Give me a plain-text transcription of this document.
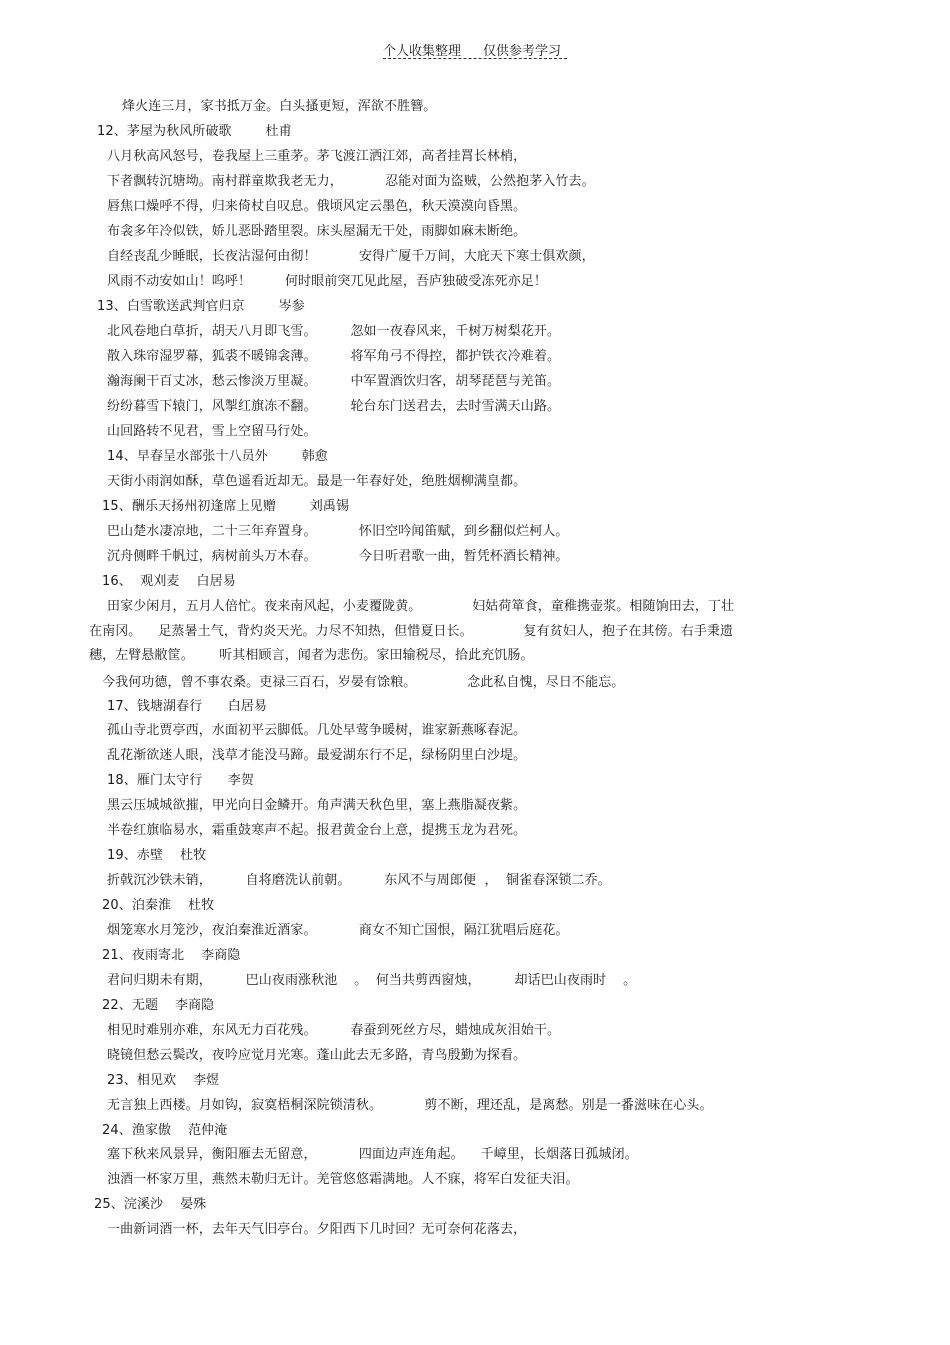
个人收集整理 仅供参考学习
烽火连三月，家书抵万金。白头搔更短，浑欲不胜簪。
12、茅屋为秋风所破歌        杜甫
八月秋高风怒号，卷我屋上三重茅。茅飞渡江洒江郊，高者挂罥长林梢，
下者飘转沉塘坳。南村群童欺我老无力，          忍能对面为盗贼，公然抱茅入竹去。
唇焦口燥呼不得，归来倚杖自叹息。俄顷风定云墨色，秋天漠漠向昏黑。
布衾多年冷似铁，娇儿恶卧踏里裂。床头屋漏无干处，雨脚如麻未断绝。
自经丧乱少睡眠，长夜沾湿何由彻！          安得广厦千万间，大庇天下寒士俱欢颜，
风雨不动安如山！呜呼！        何时眼前突兀见此屋，吾庐独破受冻死亦足！
13、白雪歌送武判官归京        岑参
北风卷地白草折，胡天八月即飞雪。        忽如一夜春风来，千树万树梨花开。
散入珠帘湿罗幕，狐裘不暖锦衾薄。        将军角弓不得控，都护铁衣冷难着。
瀚海阑干百丈冰，愁云惨淡万里凝。        中军置酒饮归客，胡琴琵琶与羌笛。
纷纷暮雪下辕门，风掣红旗冻不翻。        轮台东门送君去，去时雪满天山路。
山回路转不见君，雪上空留马行处。
14、早春呈水部张十八员外        韩愈
天街小雨润如酥，草色遥看近却无。最是一年春好处，绝胜烟柳满皇都。
15、酬乐天扬州初逢席上见赠        刘禹锡
巴山楚水凄凉地，二十三年弃置身。          怀旧空吟闻笛赋，到乡翻似烂柯人。
沉舟侧畔千帆过，病树前头万木春。          今日听君歌一曲，暂凭杯酒长精神。
16、  观刈麦    白居易
田家少闲月，五月人倍忙。夜来南风起，小麦覆陇黄。            妇姑荷箪食，童稚携壶浆。相随饷田去，丁壮
在南冈。    足蒸暑土气，背灼炎天光。力尽不知热，但惜夏日长。            复有贫妇人，抱子在其傍。右手秉遗
穗，左臂悬敝筐。      听其相顾言，闻者为悲伤。家田输税尽，拾此充饥肠。
今我何功德，曾不事农桑。吏禄三百石，岁晏有馀粮。            念此私自愧，尽日不能忘。
17、钱塘湖春行      白居易
孤山寺北贾亭西，水面初平云脚低。几处早莺争暖树，谁家新燕啄春泥。
乱花渐欲迷人眼，浅草才能没马蹄。最爱湖东行不足，绿杨阴里白沙堤。
18、雁门太守行      李贺
黑云压城城欲摧，甲光向日金鳞开。角声满天秋色里，塞上燕脂凝夜紫。
半卷红旗临易水，霜重鼓寒声不起。报君黄金台上意，提携玉龙为君死。
19、赤壁    杜牧
折戟沉沙铁未销，        自将磨洗认前朝。        东风不与周郎便  ，  铜雀春深锁二乔。
20、泊秦淮    杜牧
烟笼寒水月笼沙，夜泊秦淮近酒家。          商女不知亡国恨，隔江犹唱后庭花。
21、夜雨寄北    李商隐
君问归期未有期，        巴山夜雨涨秋池    。  何当共剪西窗烛，        却话巴山夜雨时    。
22、无题    李商隐
相见时难别亦难，东风无力百花残。        春蚕到死丝方尽，蜡烛成灰泪始干。
晓镜但愁云鬓改，夜吟应觉月光寒。蓬山此去无多路，青鸟殷勤为探看。
23、相见欢    李煜
无言独上西楼。月如钩，寂寞梧桐深院锁清秋。          剪不断，理还乱，是离愁。别是一番滋味在心头。
24、渔家傲    范仲淹
塞下秋来风景异，衡阳雁去无留意，          四面边声连角起。    千嶂里，长烟落日孤城闭。
浊酒一杯家万里，燕然未勒归无计。羌管悠悠霜满地。人不寐，将军白发征夫泪。
25、浣溪沙    晏殊
一曲新词酒一杯，去年天气旧亭台。夕阳西下几时回？无可奈何花落去，
